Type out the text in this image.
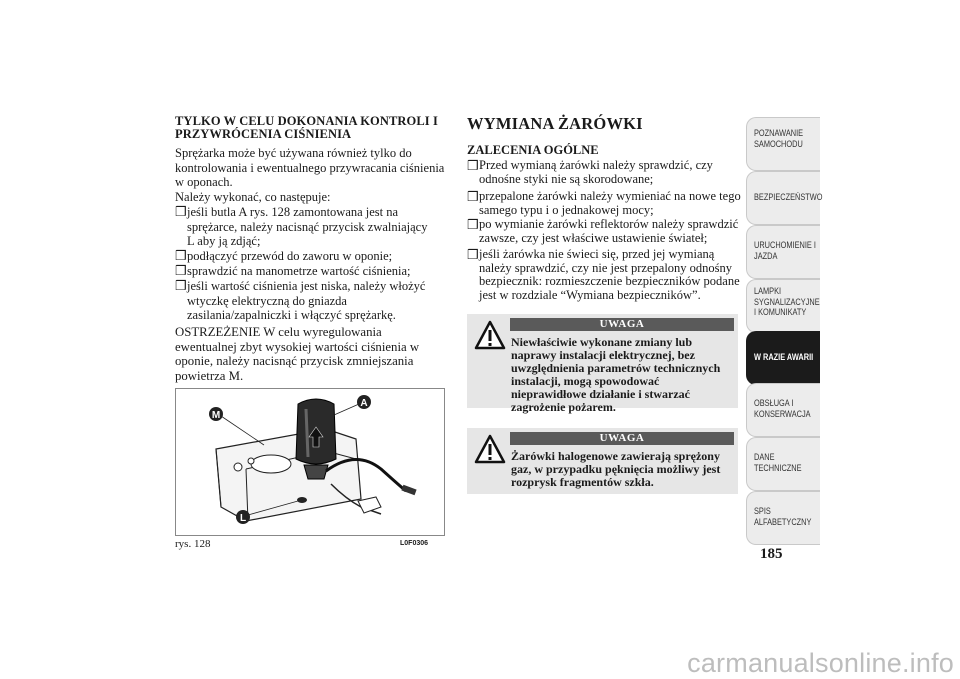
TYLKO W CELU DOKONANIA KONTROLI I PRZYWRÓCENIA CIŚNIENIA
Sprężarka może być używana również tylko do kontrolowania i ewentualnego przywracania ciśnienia w oponach.
Należy wykonać, co następuje:
❒ jeśli butla A rys. 128 zamontowana jest na sprężarce, należy nacisnąć przycisk zwalniający L aby ją zdjąć;
❒ podłączyć przewód do zaworu w oponie;
❒ sprawdzić na manometrze wartość ciśnienia;
❒ jeśli wartość ciśnienia jest niska, należy włożyć wtyczkę elektryczną do gniazda zasilania/zapalniczki i włączyć sprężarkę.
OSTRZEŻENIE W celu wyregulowania ewentualnej zbyt wysokiej wartości ciśnienia w oponie, należy nacisnąć przycisk zmniejszania powietrza M.
M
A
L
rys. 128	L0F0306
WYMIANA ŻARÓWKI
ZALECENIA OGÓLNE
❒ Przed wymianą żarówki należy sprawdzić, czy odnośne styki nie są skorodowane;
❒ przepalone żarówki należy wymieniać na nowe tego samego typu i o jednakowej mocy;
❒ po wymianie żarówki reflektorów należy sprawdzić zawsze, czy jest właściwe ustawienie świateł;
❒ jeśli żarówka nie świeci się, przed jej wymianą należy sprawdzić, czy nie jest przepalony odnośny bezpiecznik: rozmieszczenie bezpieczników podane jest w rozdziale “Wymiana bezpieczników”.
UWAGA
Niewłaściwie wykonane zmiany lub naprawy instalacji elektrycznej, bez uwzględnienia parametrów technicznych instalacji, mogą spowodować nieprawidłowe działanie i stwarzać zagrożenie pożarem.
UWAGA
Żarówki halogenowe zawierają sprężony gaz, w przypadku pęknięcia możliwy jest rozprysk fragmentów szkła.
POZNAWANIE
SAMOCHODU
BEZPIECZEŃSTWO
URUCHOMIENIE I
JAZDA
LAMPKI
SYGNALIZACYJNE
I KOMUNIKATY
W RAZIE AWARII
OBSŁUGA I
KONSERWACJA
DANE
TECHNICZNE
SPIS
ALFABETYCZNY
185
carmanualsonline.info
